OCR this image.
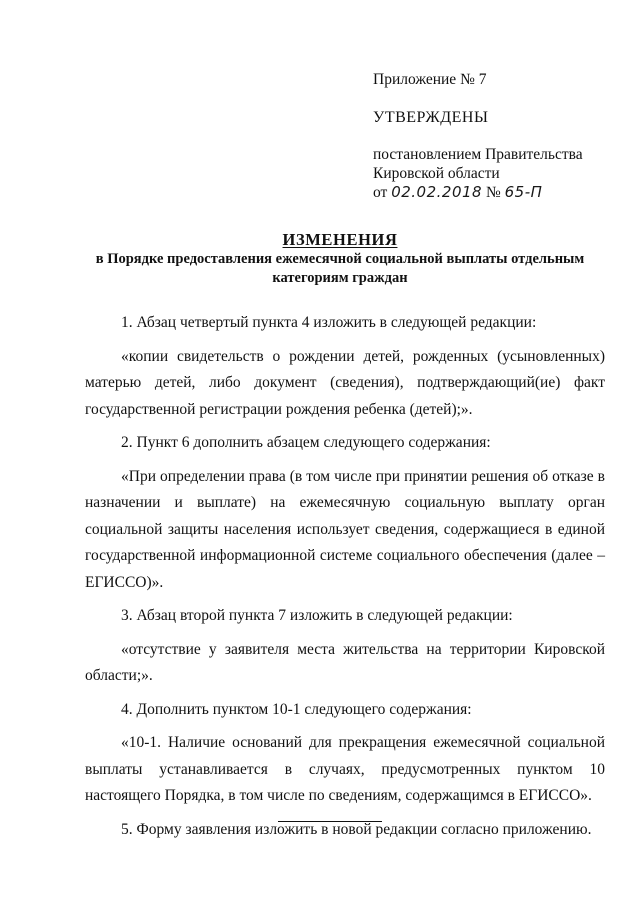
Приложение № 7
УТВЕРЖДЕНЫ
постановлением Правительства
Кировской области
от 02.02.2018 № 65-П
ИЗМЕНЕНИЯ
в Порядке предоставления ежемесячной социальной выплаты отдельным категориям граждан

1. Абзац четвертый пункта 4 изложить в следующей редакции:

«копии свидетельств о рождении детей, рожденных (усыновленных) матерью детей, либо документ (сведения), подтверждающий(ие) факт государственной регистрации рождения ребенка (детей);».

2. Пункт 6 дополнить абзацем следующего содержания:

«При определении права (в том числе при принятии решения об отказе в назначении и выплате) на ежемесячную социальную выплату орган социальной защиты населения использует сведения, содержащиеся в единой государственной информационной системе социального обеспечения (далее – ЕГИССО)».

3. Абзац второй пункта 7 изложить в следующей редакции:

«отсутствие у заявителя места жительства на территории Кировской области;».

4. Дополнить пунктом 10-1 следующего содержания:

«10-1. Наличие оснований для прекращения ежемесячной социальной выплаты устанавливается в случаях, предусмотренных пунктом 10 настоящего Порядка, в том числе по сведениям, содержащимся в ЕГИССО».

5. Форму заявления изложить в новой редакции согласно приложению.
